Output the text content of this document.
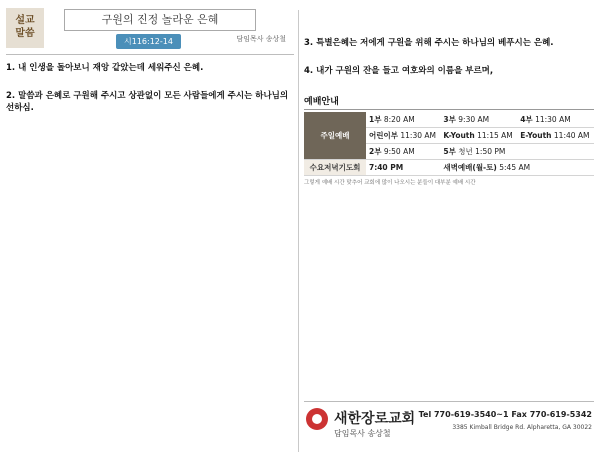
설교
말씀
구원의 진정 놀라운 은혜
시116:12-14	담임목사 송상철
1. 내 인생을 돌아보니 재앙 같았는데 세워주신 은혜.

2. 말씀과 은혜로 구원해 주시고 상관없이 모든 사람들에게 주시는 하나님의 선하심.

3. 특별은혜는 저에게 구원을 위해 주시는 하나님의 베푸시는 은혜.

4. 내가 구원의 잔을 들고 여호와의 이름을 부르며,

예배안내
주일예배	1부 8:20 AM	3부 9:30 AM	4부 11:30 AM
	어린이부 11:30 AM	K-Youth 11:15 AM	E-Youth 11:40 AM
	2부 9:50 AM	5부 청년 1:50 PM	
수요저녁기도회	7:40 PM	새벽예배(월-토) 5:45 AM	
그렇게 예배 시간 맞추어 교회에 많이 나오시는 분들이 대부분 예배 시간
새한장로교회
담임목사 송상철
Tel 770-619-3540~1 Fax 770-619-5342
3385 Kimball Bridge Rd. Alpharetta, GA 30022
